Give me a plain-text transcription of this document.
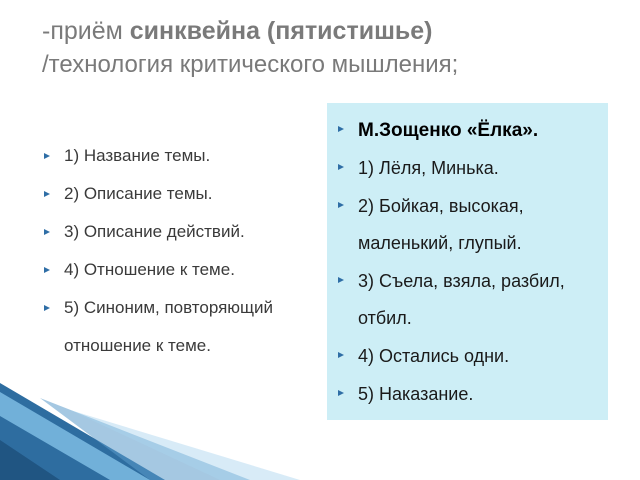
-приём синквейна (пятистишье)
/технология критического мышления;
1) Название темы.
2) Описание темы.
3) Описание действий.
4) Отношение к теме.
5) Синоним, повторяющий отношение к теме.
М.Зощенко «Ёлка».
1) Лёля, Минька.
2) Бойкая, высокая, маленький, глупый.
3) Съела, взяла, разбил, отбил.
4) Остались одни.
5) Наказание.
